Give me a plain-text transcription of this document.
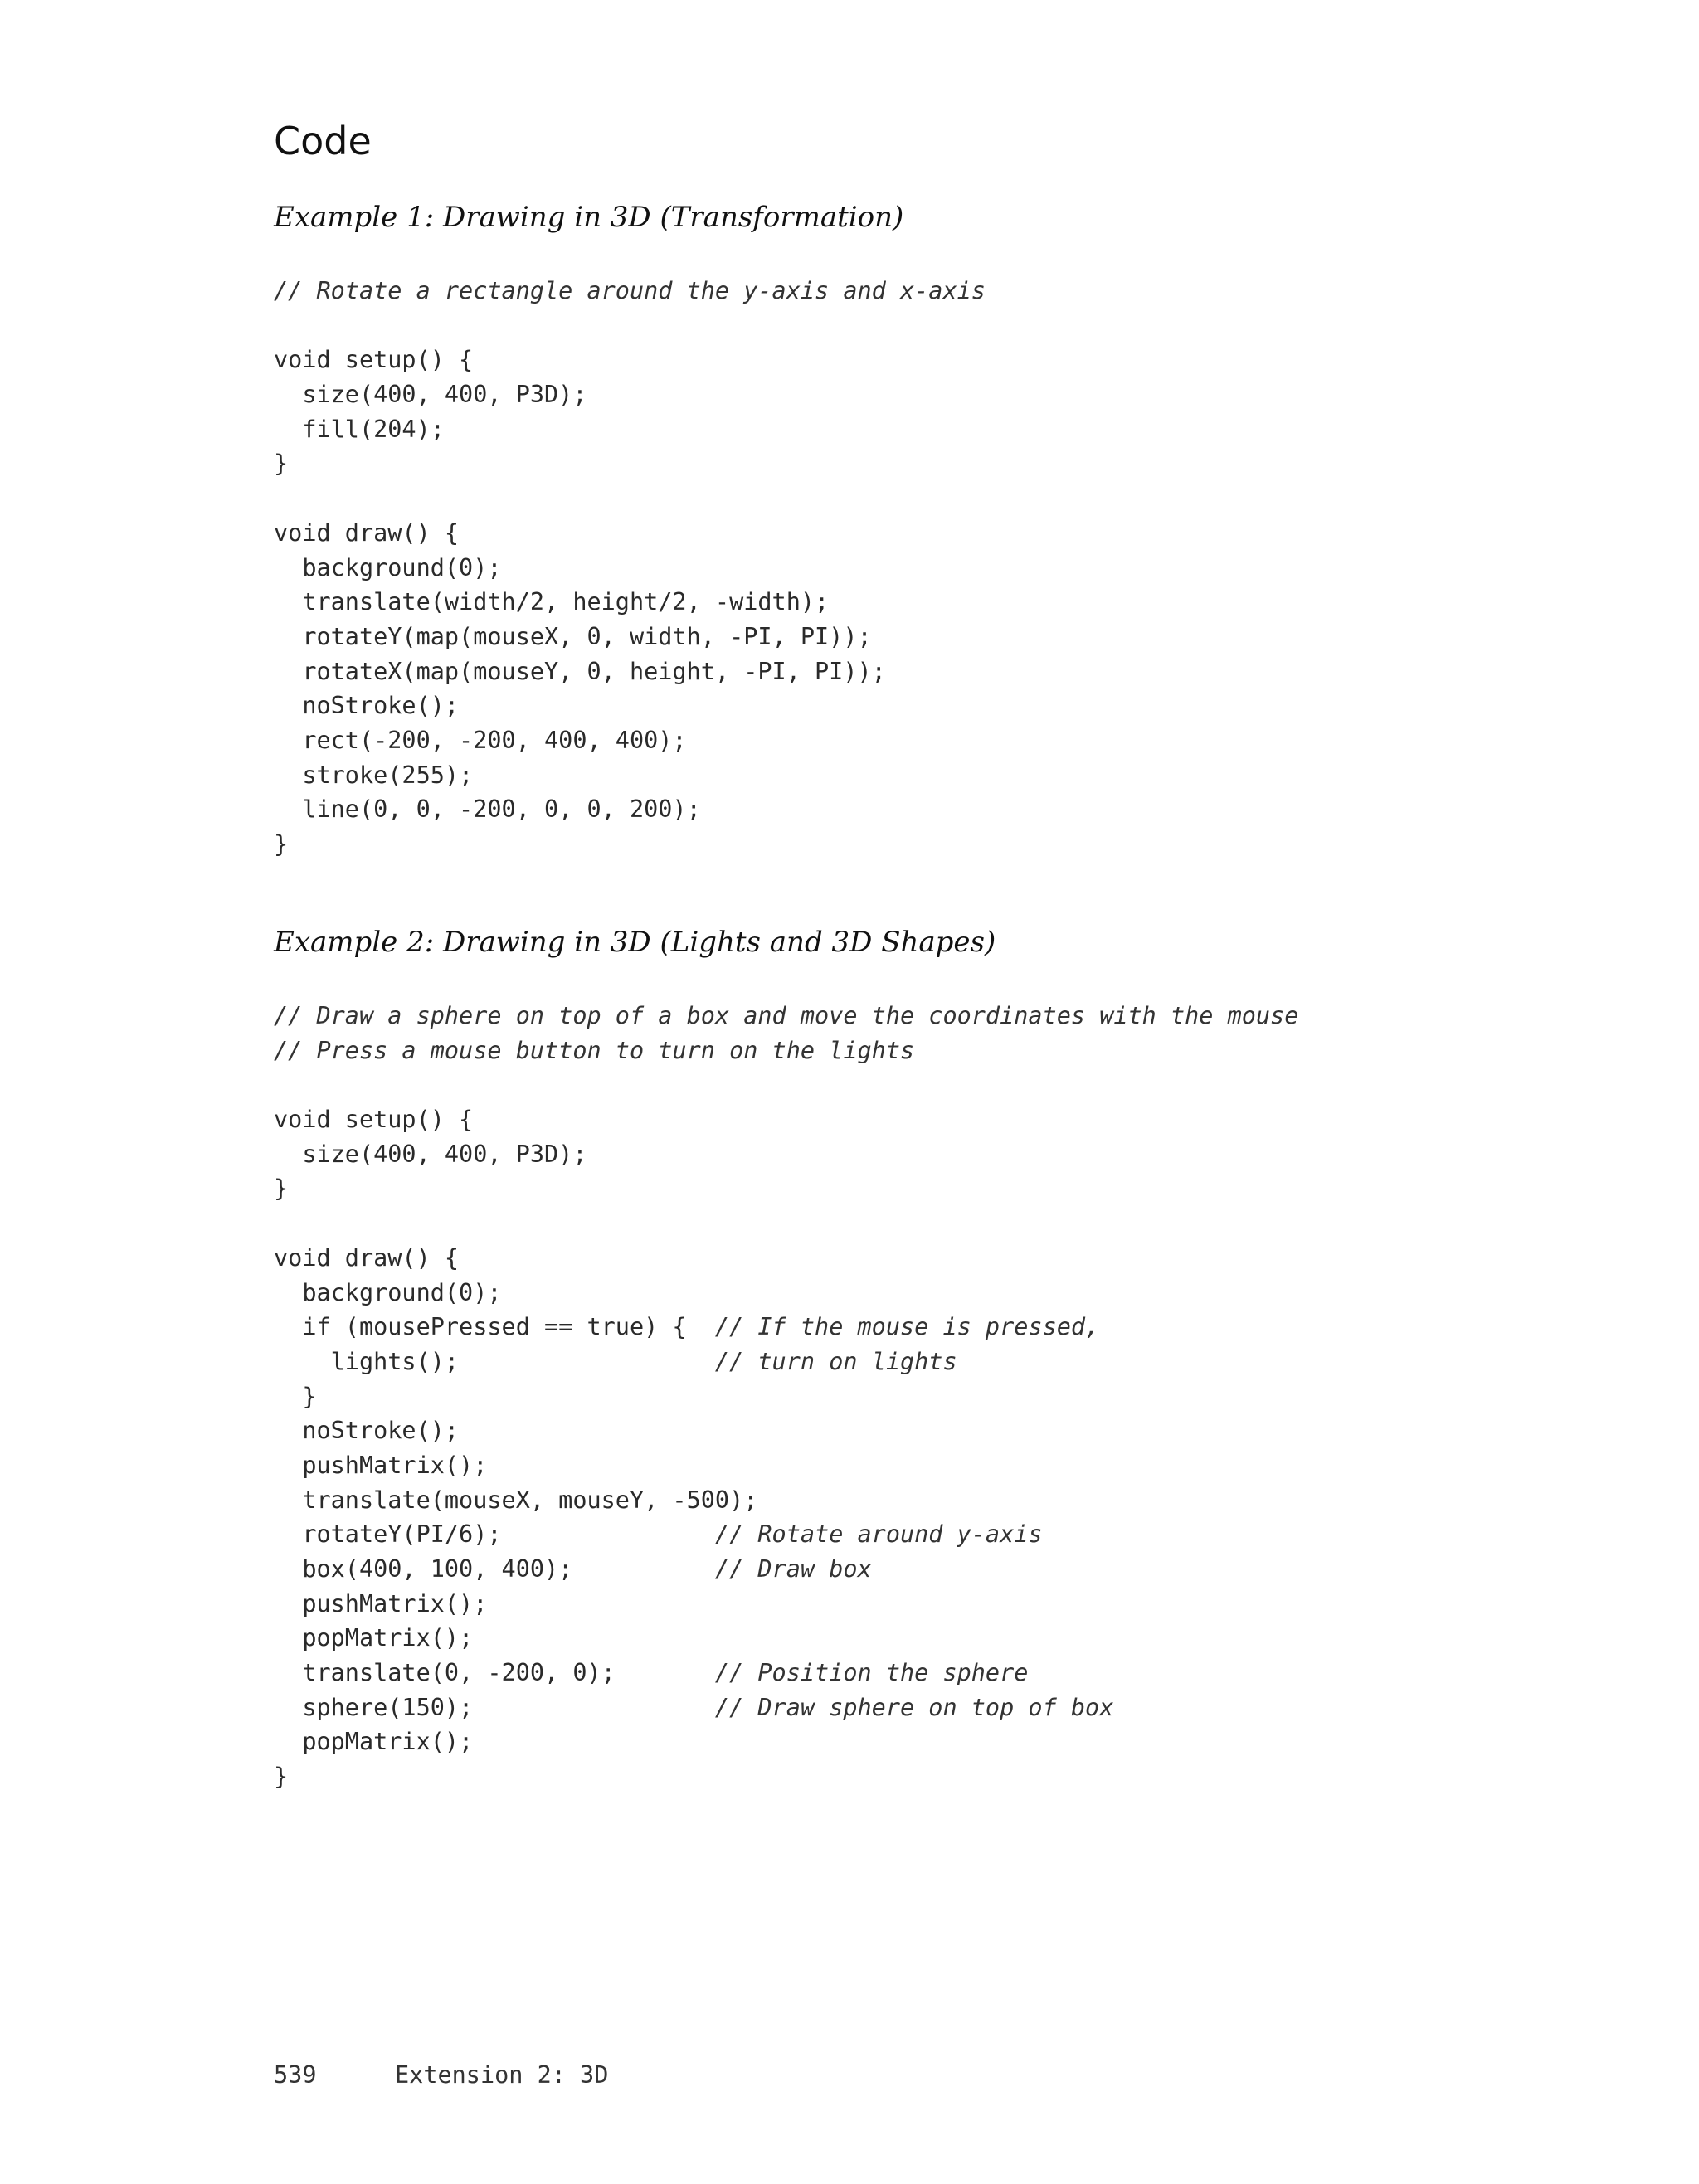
Code
Example 1: Drawing in 3D (Transformation)
// Rotate a rectangle around the y-axis and x-axis
void setup() {
size(400, 400, P3D);
fill(204);
}
void draw() {
background(0);
translate(width/2, height/2, -width);
rotateY(map(mouseX, 0, width, -PI, PI));
rotateX(map(mouseY, 0, height, -PI, PI));
noStroke();
rect(-200, -200, 400, 400);
stroke(255);
line(0, 0, -200, 0, 0, 200);
}
Example 2: Drawing in 3D (Lights and 3D Shapes)
// Draw a sphere on top of a box and move the coordinates with the mouse
// Press a mouse button to turn on the lights
void setup() {
size(400, 400, P3D);
}
void draw() {
background(0);
if (mousePressed == true) {  // If the mouse is pressed,
lights();                  // turn on lights
}
noStroke();
pushMatrix();
translate(mouseX, mouseY, -500);
rotateY(PI/6);               // Rotate around y-axis
box(400, 100, 400);          // Draw box
pushMatrix();
popMatrix();
translate(0, -200, 0);       // Position the sphere
sphere(150);                 // Draw sphere on top of box
popMatrix();
}
539	Extension 2: 3D
